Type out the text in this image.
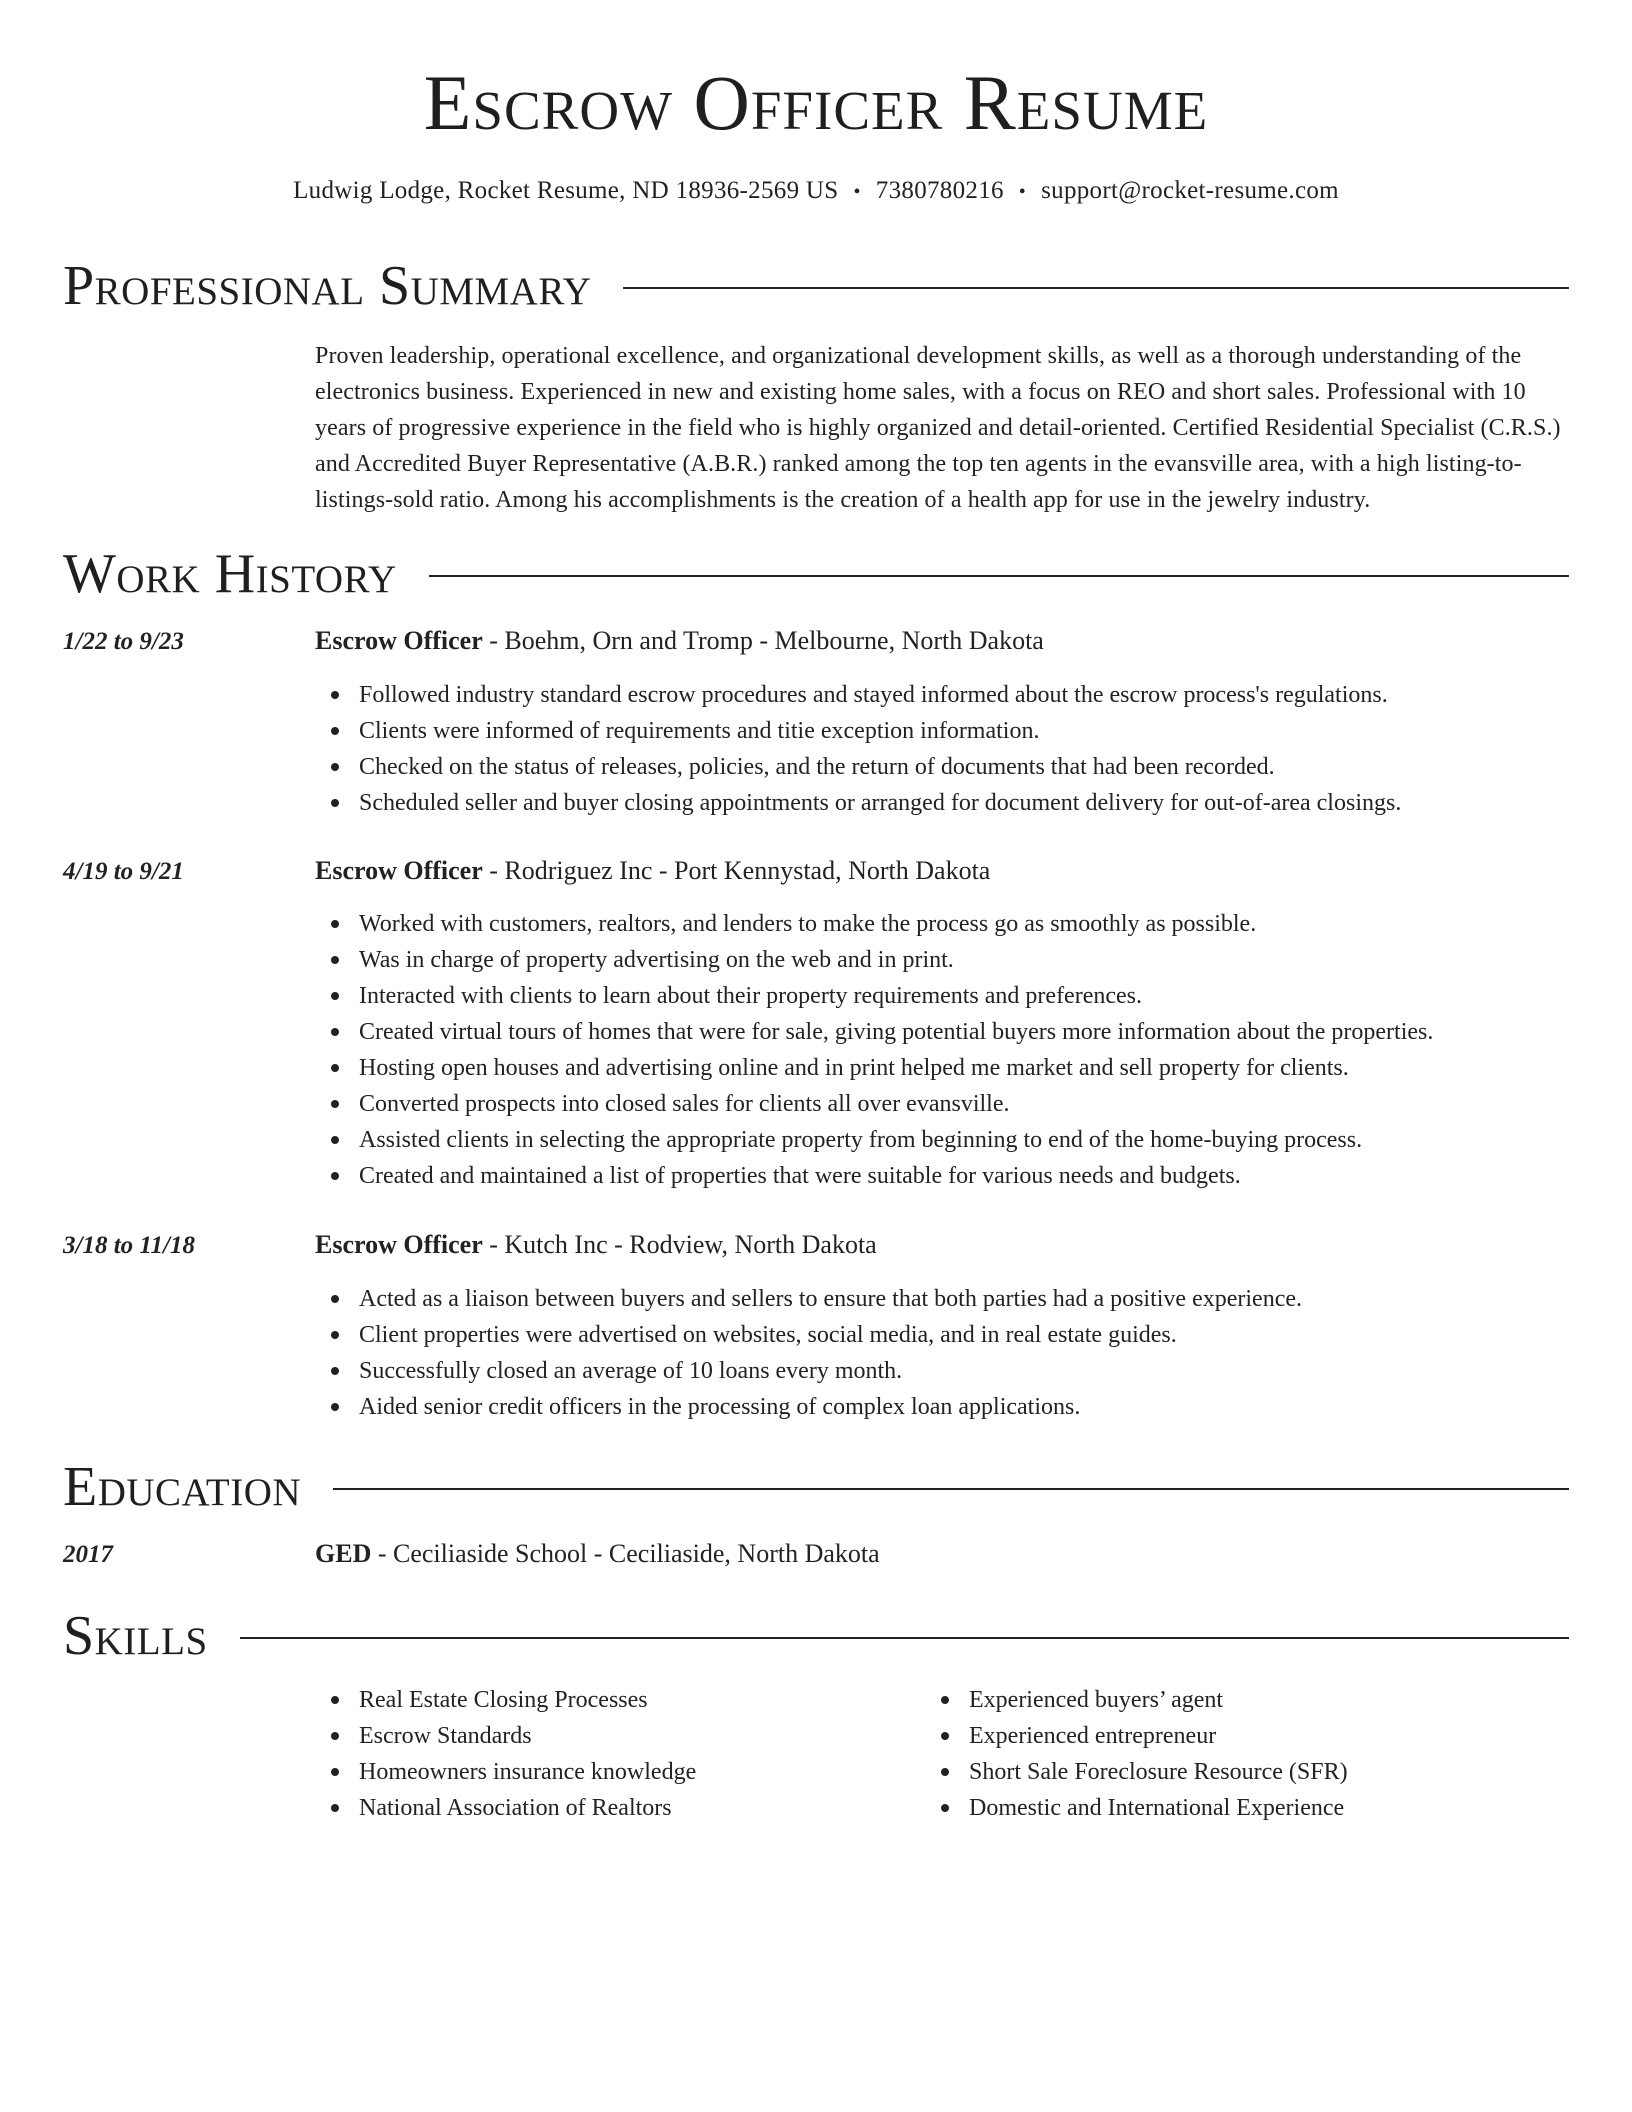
Escrow Officer Resume
Ludwig Lodge, Rocket Resume, ND 18936-2569 US • 7380780216 • support@rocket-resume.com
Professional Summary
Proven leadership, operational excellence, and organizational development skills, as well as a thorough understanding of the electronics business. Experienced in new and existing home sales, with a focus on REO and short sales. Professional with 10 years of progressive experience in the field who is highly organized and detail-oriented. Certified Residential Specialist (C.R.S.) and Accredited Buyer Representative (A.B.R.) ranked among the top ten agents in the evansville area, with a high listing-to-listings-sold ratio. Among his accomplishments is the creation of a health app for use in the jewelry industry.
Work History
1/22 to 9/23	Escrow Officer - Boehm, Orn and Tromp - Melbourne, North Dakota
Followed industry standard escrow procedures and stayed informed about the escrow process's regulations.
Clients were informed of requirements and titie exception information.
Checked on the status of releases, policies, and the return of documents that had been recorded.
Scheduled seller and buyer closing appointments or arranged for document delivery for out-of-area closings.
4/19 to 9/21	Escrow Officer - Rodriguez Inc - Port Kennystad, North Dakota
Worked with customers, realtors, and lenders to make the process go as smoothly as possible.
Was in charge of property advertising on the web and in print.
Interacted with clients to learn about their property requirements and preferences.
Created virtual tours of homes that were for sale, giving potential buyers more information about the properties.
Hosting open houses and advertising online and in print helped me market and sell property for clients.
Converted prospects into closed sales for clients all over evansville.
Assisted clients in selecting the appropriate property from beginning to end of the home-buying process.
Created and maintained a list of properties that were suitable for various needs and budgets.
3/18 to 11/18	Escrow Officer - Kutch Inc - Rodview, North Dakota
Acted as a liaison between buyers and sellers to ensure that both parties had a positive experience.
Client properties were advertised on websites, social media, and in real estate guides.
Successfully closed an average of 10 loans every month.
Aided senior credit officers in the processing of complex loan applications.
Education
2017	GED - Ceciliaside School - Ceciliaside, North Dakota
Skills
Real Estate Closing Processes
Escrow Standards
Homeowners insurance knowledge
National Association of Realtors
Experienced buyers’ agent
Experienced entrepreneur
Short Sale Foreclosure Resource (SFR)
Domestic and International Experience
